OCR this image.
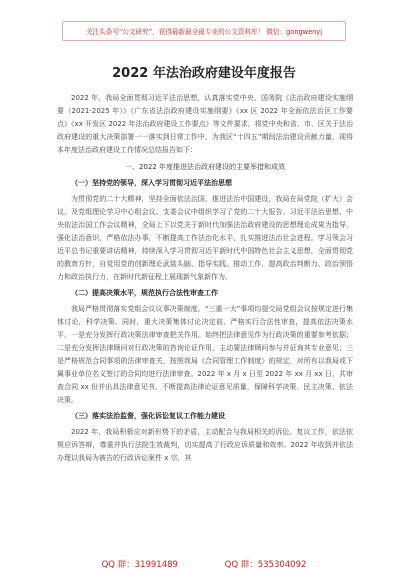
关注头条号“公文研究”，获得最新最全最专业的公文资料库！ 微信：gongwenyj
2022 年法治政府建设年度报告

2022 年，我局全面贯彻习近平法治思想，认真落实党中央、国务院《法治政府建设实施纲要（2021-2025 年）》《广东省法治政府建设实施纲要》《xx 区 2022 年全面依法治区工作要点》《xx 开发区 2022 年法治政府建设工作要点》等文件要求，将党中央和省、市、区关于法治政府建设的重大决策部署一一落实到日常工作中，为我区“十四五”期间法治建设贡献力量，现将本年度法治政府建设工作情况总结报告如下：

一、2022 年度推进法治政府建设的主要举措和成效
（一）坚持党的领导，深入学习贯彻习近平法治思想

为贯彻党的二十大精神，坚持全面依法治国，推进法治中国建设，我局在局党院（扩大）会议、及党组理论学习中心组会议、支委会议中组织学习了党的二十大报告、习近平法治思想、中央依法治国工作会议精神，全局上下以党关于新时代加强法治政府建设的思想理论成果为指导，强化法治意识，严格依法办事，不断提高工作法治化水平，扎实推进法治社会进程。学习领会习近平总书记重要讲话精神，持续深入学习贯彻习近平新时代中国特色社会主义思想，全面贯彻党的教育方针，自觉用党的创新理论武装头脑、指导实践、推动工作，提高政治判断力、政治领悟力和政治执行力，在新时代新征程上展现新气象新作为。

（二）提高决策水平，规范执行合法性审查工作

我局严格贯彻落实党组会议议事决策制度，“三重一大”事项均提交局党组会议按规定进行集体讨论，科学决策、同时，重大决策集体讨论决定前、严格实行合法性审查，提高依法决策水平。一是充分发挥行政决策法律审查把关作用。始终把法律意见作为行政决策的重要参考依据；二是充分发挥法律顾问对行政决策的咨询论证作用，主动要法律顾问参与并征询其专业意见；三是严格规范合同事项的法律审查关，按照我局《合同管理工作制度》的规定，对所有以我局或下属事业单位名义签订的合同均进行法律审查。2022 年 x 月 x 日至 2022 年 xx 月 xx 日，共审查合同 xx 份并出具法律意见书，不断提高法律论证意见质量，保障科学决策、民主决策、依法决策。

（三）落实法治监督，强化诉讼复议工作能力建设

2022 年，我局积极应对新形势下的矛盾，主动配合与我局相关的诉讼、复议工作，依法依规应诉答辩，尊重并执行法院生效裁判，切实提高了行政应诉质量和效率。2022 年收到并依法办理以我局为被告的行政诉讼案件 x 宗，其

QQ 群：31991489	QQ 群：535304092
